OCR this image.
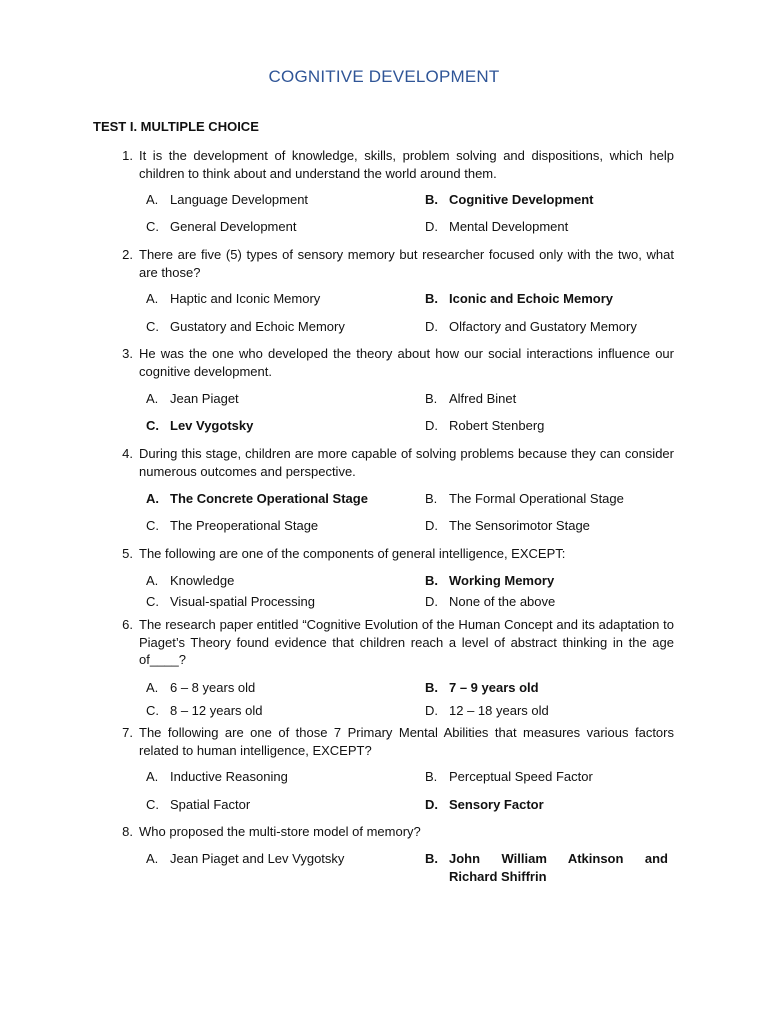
COGNITIVE DEVELOPMENT
TEST I. MULTIPLE CHOICE
1. It is the development of knowledge, skills, problem solving and dispositions, which help children to think about and understand the world around them.
A. Language Development	B. Cognitive Development
C. General Development	D. Mental Development
2. There are five (5) types of sensory memory but researcher focused only with the two, what are those?
A. Haptic and Iconic Memory	B. Iconic and Echoic Memory
C. Gustatory and Echoic Memory	D. Olfactory and Gustatory Memory
3. He was the one who developed the theory about how our social interactions influence our cognitive development.
A. Jean Piaget	B. Alfred Binet
C. Lev Vygotsky	D. Robert Stenberg
4. During this stage, children are more capable of solving problems because they can consider numerous outcomes and perspective.
A. The Concrete Operational Stage	B. The Formal Operational Stage
C. The Preoperational Stage	D. The Sensorimotor Stage
5. The following are one of the components of general intelligence, EXCEPT:
A. Knowledge	B. Working Memory
C. Visual-spatial Processing	D. None of the above
6. The research paper entitled “Cognitive Evolution of the Human Concept and its adaptation to Piaget’s Theory found evidence that children reach a level of abstract thinking in the age of____?
A. 6 – 8 years old	B. 7 – 9 years old
C. 8 – 12 years old	D. 12 – 18 years old
7. The following are one of those 7 Primary Mental Abilities that measures various factors related to human intelligence, EXCEPT?
A. Inductive Reasoning	B. Perceptual Speed Factor
C. Spatial Factor	D. Sensory Factor
8. Who proposed the multi-store model of memory?
A. Jean Piaget and Lev Vygotsky	B. John William Atkinson and
Richard Shiffrin
